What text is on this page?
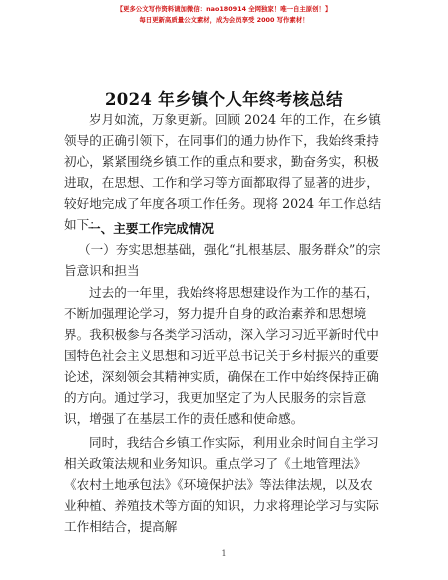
【更多公文写作资料请加微信：nao180914 全网独家！唯一自主原创！】
每日更新高质量公文素材，成为会员享受 2000 写作素材！
2024 年乡镇个人年终考核总结
岁月如流，万象更新。回顾 2024 年的工作，在乡镇领导的正确引领下，在同事们的通力协作下，我始终秉持初心，紧紧围绕乡镇工作的重点和要求，勤奋务实，积极进取，在思想、工作和学习等方面都取得了显著的进步，较好地完成了年度各项工作任务。现将 2024 年工作总结如下：
一、主要工作完成情况
（一）夯实思想基础，强化“扎根基层、服务群众”的宗旨意识和担当
过去的一年里，我始终将思想建设作为工作的基石，不断加强理论学习，努力提升自身的政治素养和思想境界。我积极参与各类学习活动，深入学习习近平新时代中国特色社会主义思想和习近平总书记关于乡村振兴的重要论述，深刻领会其精神实质，确保在工作中始终保持正确的方向。通过学习，我更加坚定了为人民服务的宗旨意识，增强了在基层工作的责任感和使命感。
同时，我结合乡镇工作实际，利用业余时间自主学习相关政策法规和业务知识。重点学习了《土地管理法》《农村土地承包法》《环境保护法》等法律法规，以及农业种植、养殖技术等方面的知识，力求将理论学习与实际工作相结合，提高解
1
